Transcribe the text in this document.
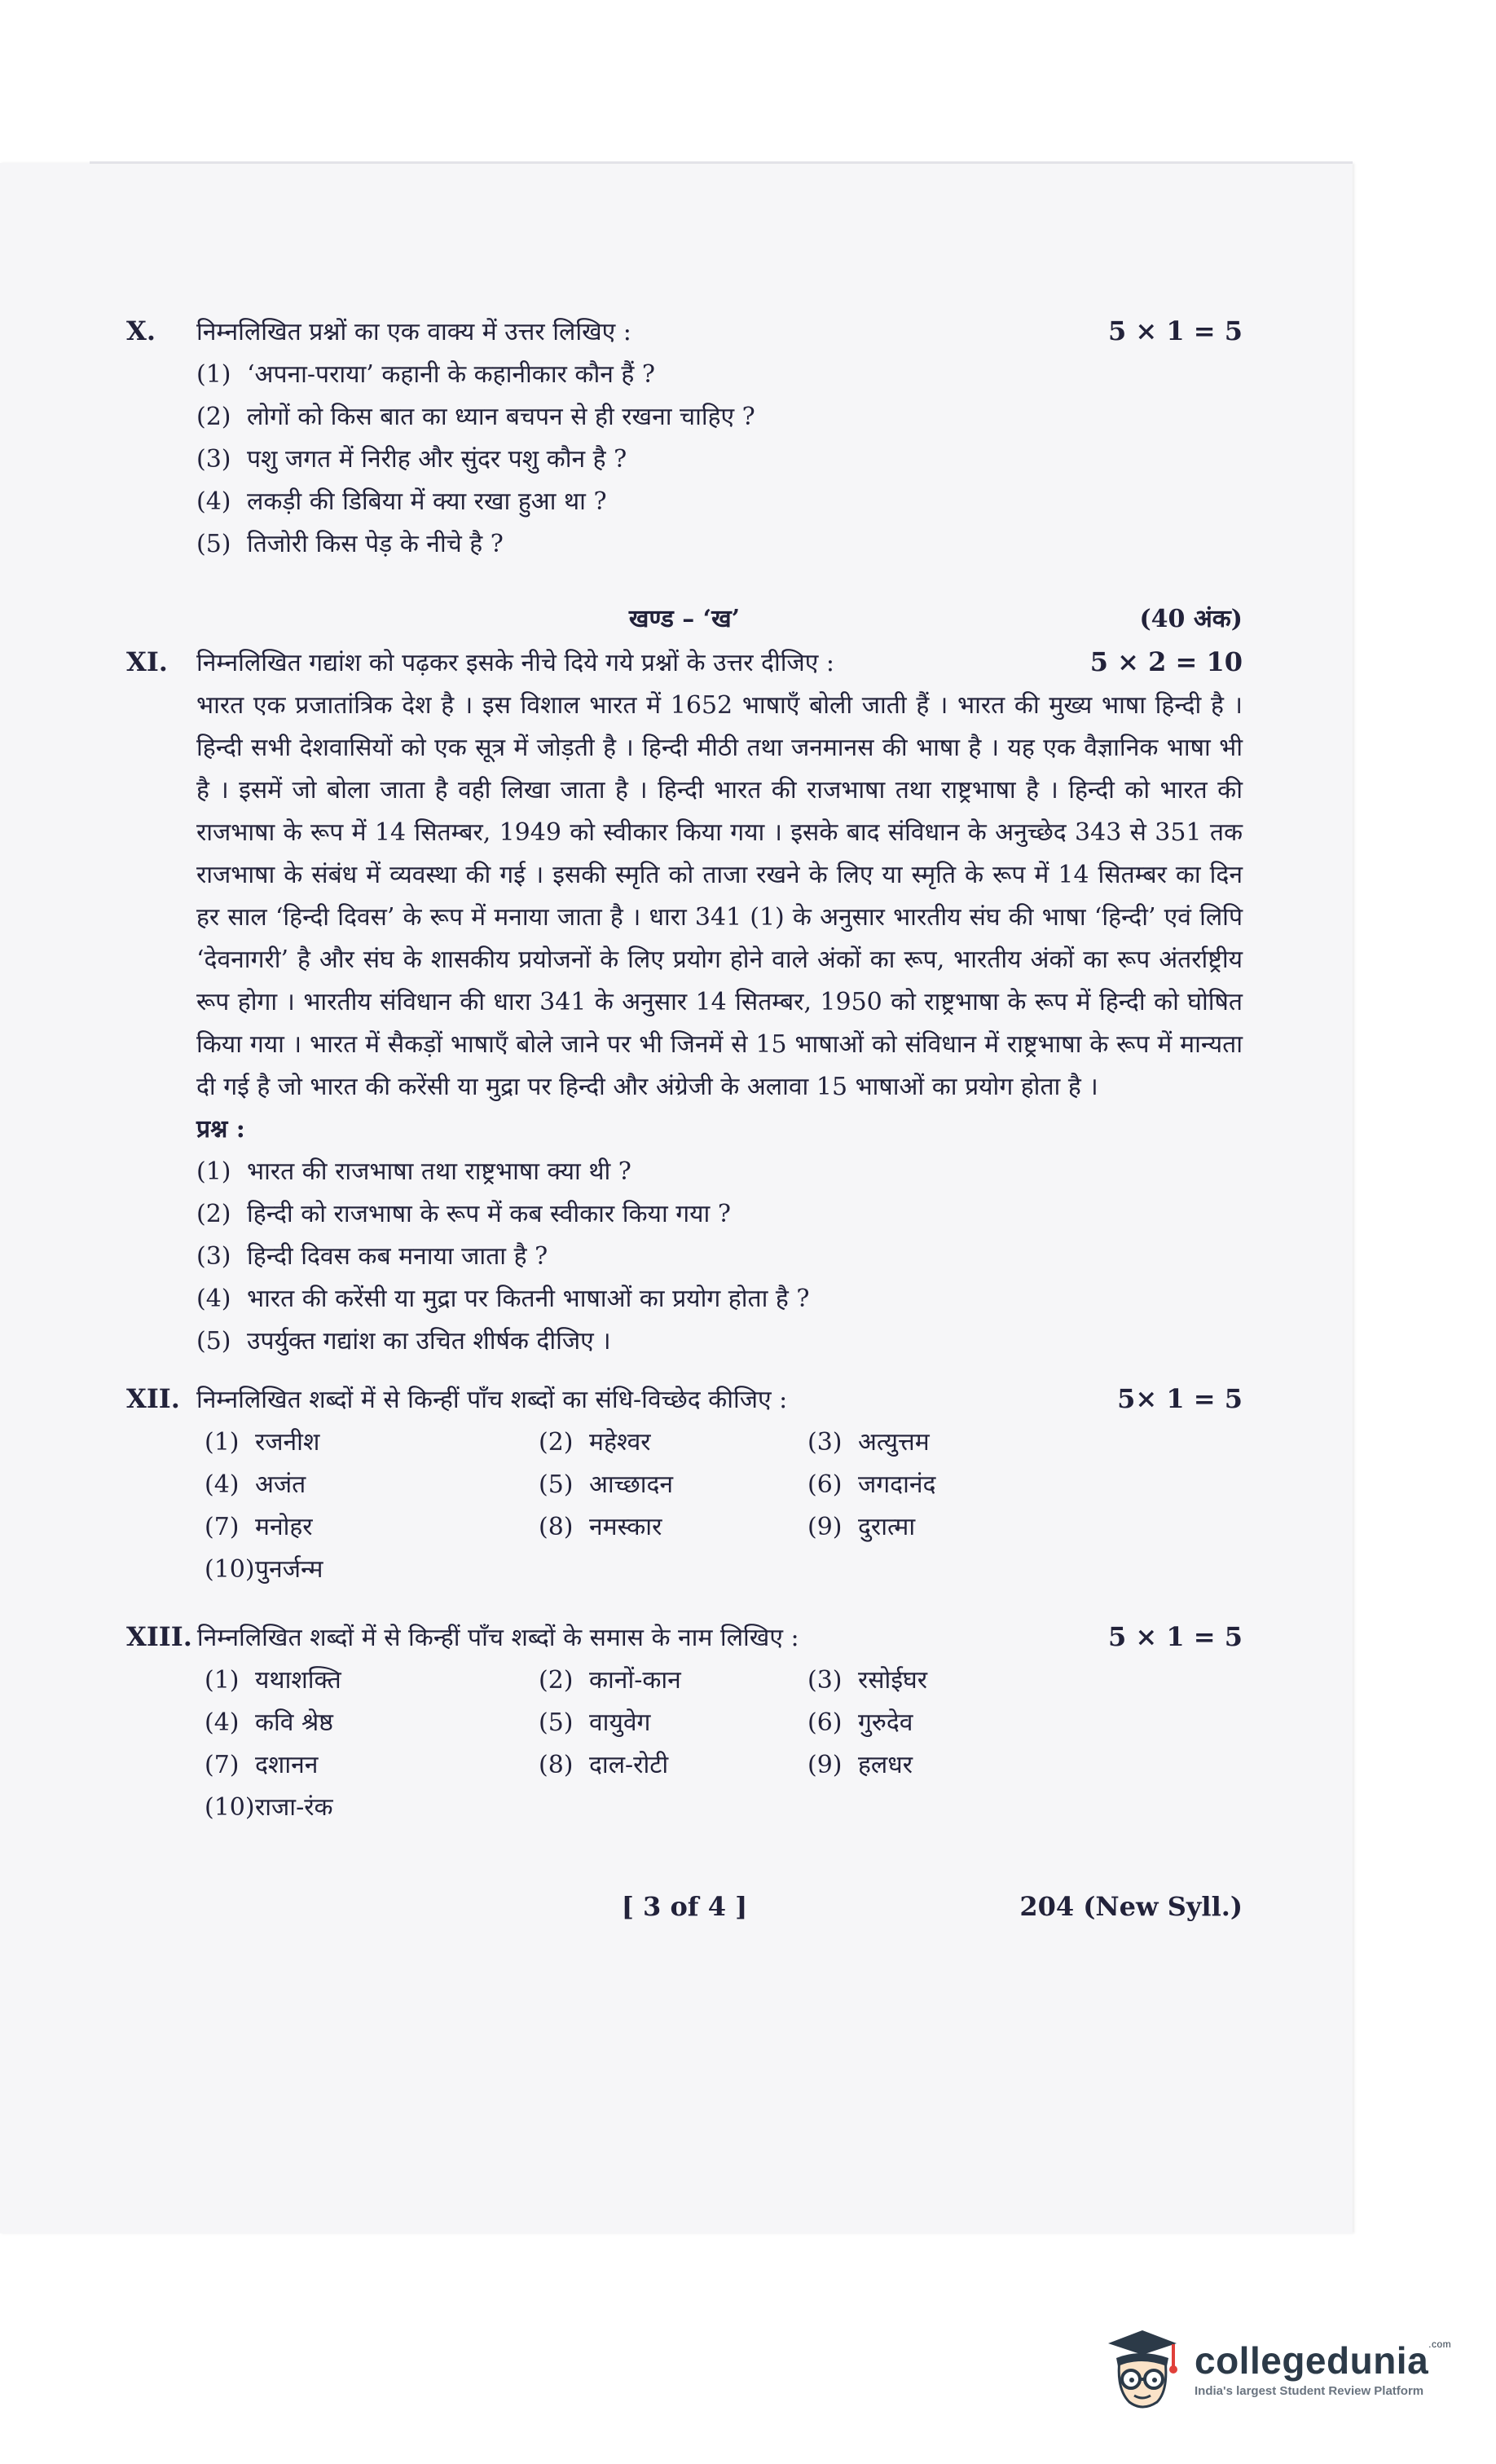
X.	निम्नलिखित प्रश्नों का एक वाक्य में उत्तर लिखिए :	5 × 1 = 5
(1) ‘अपना-पराया’ कहानी के कहानीकार कौन हैं ?
(2) लोगों को किस बात का ध्यान बचपन से ही रखना चाहिए ?
(3) पशु जगत में निरीह और सुंदर पशु कौन है ?
(4) लकड़ी की डिबिया में क्या रखा हुआ था ?
(5) तिजोरी किस पेड़ के नीचे है ?
खण्ड – ‘ख’	(40 अंक)
XI.	निम्नलिखित गद्यांश को पढ़कर इसके नीचे दिये गये प्रश्नों के उत्तर दीजिए :	5 × 2 = 10
भारत एक प्रजातांत्रिक देश है । इस विशाल भारत में 1652 भाषाएँ बोली जाती हैं । भारत की मुख्य भाषा हिन्दी है । हिन्दी सभी देशवासियों को एक सूत्र में जोड़ती है । हिन्दी मीठी तथा जनमानस की भाषा है । यह एक वैज्ञानिक भाषा भी है । इसमें जो बोला जाता है वही लिखा जाता है । हिन्दी भारत की राजभाषा तथा राष्ट्रभाषा है । हिन्दी को भारत की राजभाषा के रूप में 14 सितम्बर, 1949 को स्वीकार किया गया । इसके बाद संविधान के अनुच्छेद 343 से 351 तक राजभाषा के संबंध में व्यवस्था की गई । इसकी स्मृति को ताजा रखने के लिए या स्मृति के रूप में 14 सितम्बर का दिन हर साल ‘हिन्दी दिवस’ के रूप में मनाया जाता है । धारा 341 (1) के अनुसार भारतीय संघ की भाषा ‘हिन्दी’ एवं लिपि ‘देवनागरी’ है और संघ के शासकीय प्रयोजनों के लिए प्रयोग होने वाले अंकों का रूप, भारतीय अंकों का रूप अंतर्राष्ट्रीय रूप होगा । भारतीय संविधान की धारा 341 के अनुसार 14 सितम्बर, 1950 को राष्ट्रभाषा के रूप में हिन्दी को घोषित किया गया । भारत में सैकड़ों भाषाएँ बोले जाने पर भी जिनमें से 15 भाषाओं को संविधान में राष्ट्रभाषा के रूप में मान्यता दी गई है जो भारत की करेंसी या मुद्रा पर हिन्दी और अंग्रेजी के अलावा 15 भाषाओं का प्रयोग होता है ।
प्रश्न :
(1) भारत की राजभाषा तथा राष्ट्रभाषा क्या थी ?
(2) हिन्दी को राजभाषा के रूप में कब स्वीकार किया गया ?
(3) हिन्दी दिवस कब मनाया जाता है ?
(4) भारत की करेंसी या मुद्रा पर कितनी भाषाओं का प्रयोग होता है ?
(5) उपर्युक्त गद्यांश का उचित शीर्षक दीजिए ।
XII. निम्नलिखित शब्दों में से किन्हीं पाँच शब्दों का संधि-विच्छेद कीजिए :	5× 1 = 5
(1) रजनीश	(2) महेश्वर	(3) अत्युत्तम
(4) अजंत	(5) आच्छादन	(6) जगदानंद
(7) मनोहर	(8) नमस्कार	(9) दुरात्मा
(10) पुनर्जन्म
XIII. निम्नलिखित शब्दों में से किन्हीं पाँच शब्दों के समास के नाम लिखिए :	5 × 1 = 5
(1) यथाशक्ति	(2) कानों-कान	(3) रसोईघर
(4) कवि श्रेष्ठ	(5) वायुवेग	(6) गुरुदेव
(7) दशानन	(8) दाल-रोटी	(9) हलधर
(10) राजा-रंक
[ 3 of 4 ]	204 (New Syll.)
collegedunia$^{.com}$
India's largest Student Review Platform
